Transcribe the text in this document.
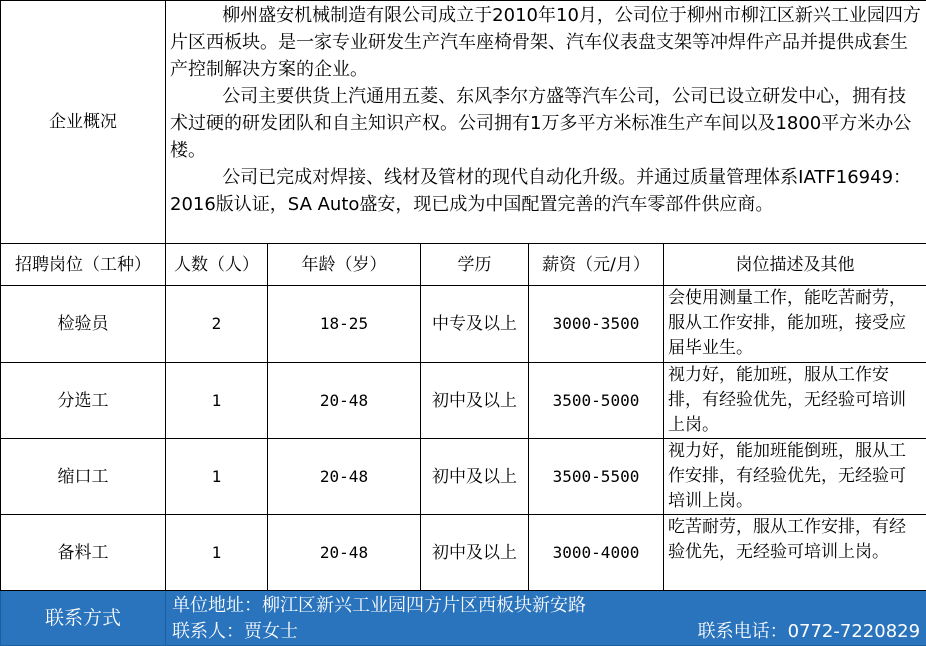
企业概况	柳州盛安机械制造有限公司成立于2010年10月，公司位于柳州市柳江区新兴工业园四方片区西板块。是一家专业研发生产汽车座椅骨架、汽车仪表盘支架等冲焊件产品并提供成套生产控制解决方案的企业。

公司主要供货上汽通用五菱、东风李尔方盛等汽车公司，公司已设立研发中心，拥有技术过硬的研发团队和自主知识产权。公司拥有1万多平方米标准生产车间以及1800平方米办公楼。

公司已完成对焊接、线材及管材的现代自动化升级。并通过质量管理体系IATF16949：2016版认证，SA Auto盛安，现已成为中国配置完善的汽车零部件供应商。				

招聘岗位（工种）	人数（人）	年龄（岁）	学历	薪资（元/月）	岗位描述及其他
检验员	2	18-25	中专及以上	3000-3500	会使用测量工作，能吃苦耐劳，服从工作安排，能加班，接受应届毕业生。
分选工	1	20-48	初中及以上	3500-5000	视力好，能加班，服从工作安排，有经验优先，无经验可培训上岗。
缩口工	1	20-48	初中及以上	3500-5500	视力好，能加班能倒班，服从工作安排，有经验优先，无经验可培训上岗。
备料工	1	20-48	初中及以上	3000-4000	吃苦耐劳，服从工作安排，有经验优先，无经验可培训上岗。
联系方式	单位地址：柳江区新兴工业园四方片区西板块新安路
联系人：贾女士 联系电话：0772-7220829				
